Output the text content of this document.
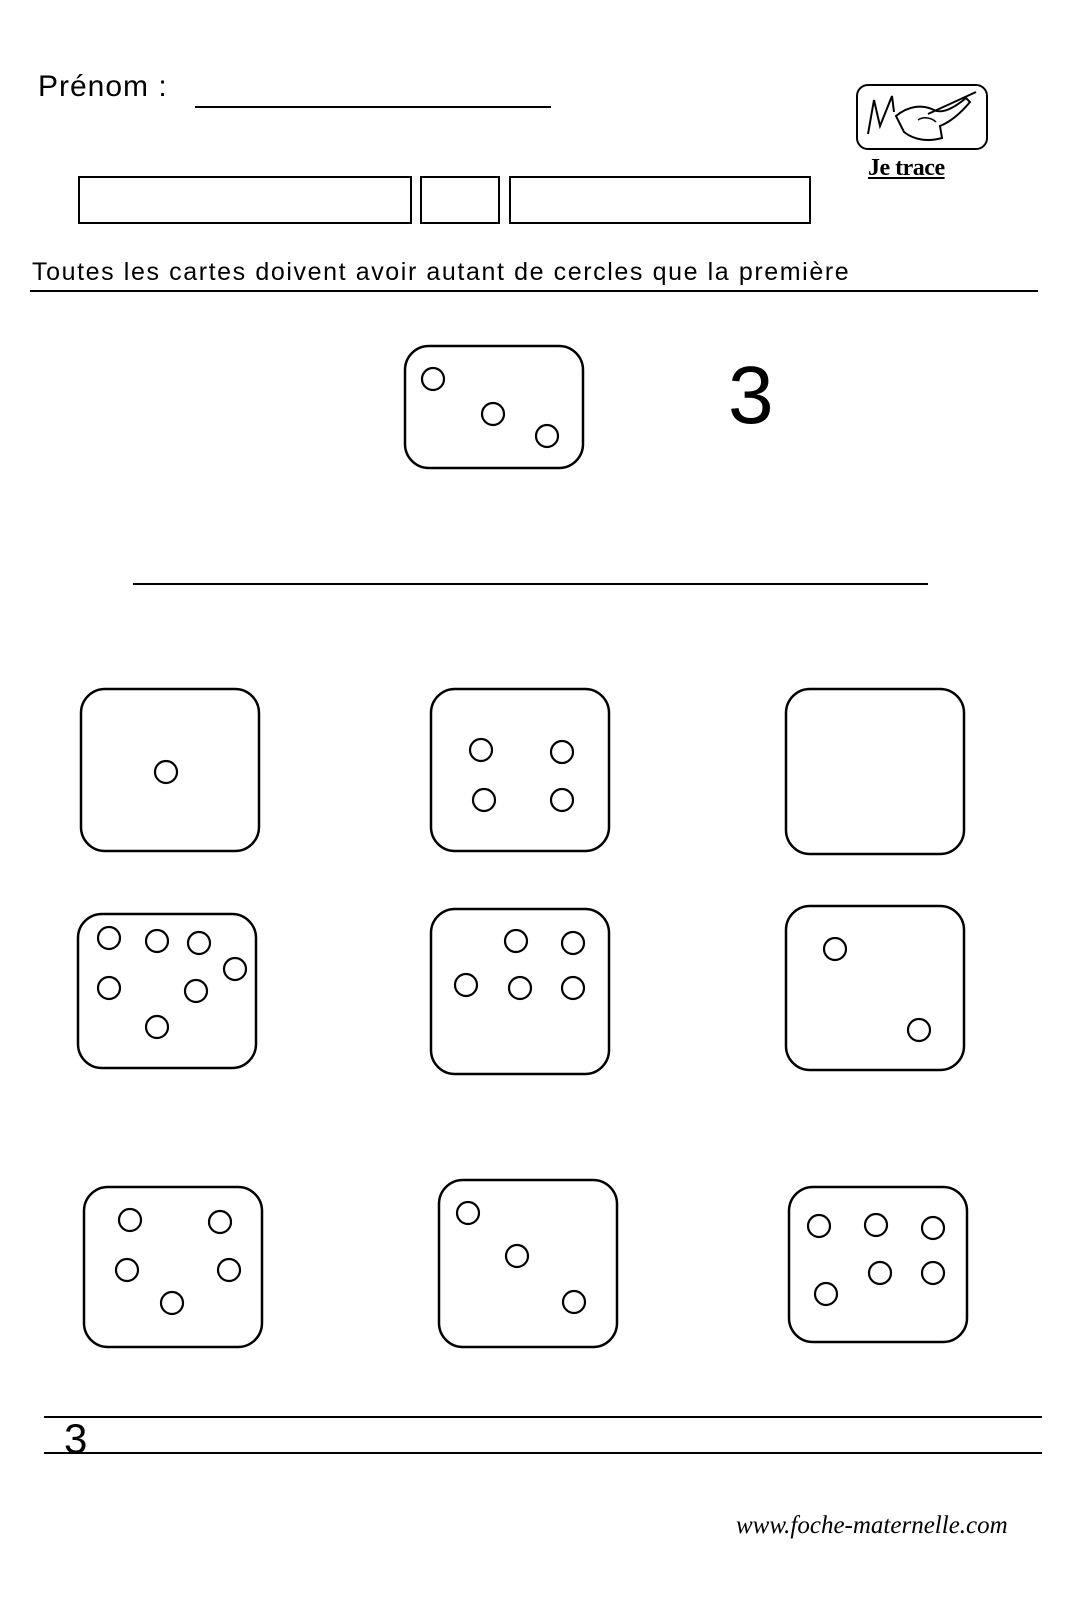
Prénom :
Je trace
Toutes les cartes doivent avoir autant de cercles que la première
3
3
www.foche-maternelle.com
